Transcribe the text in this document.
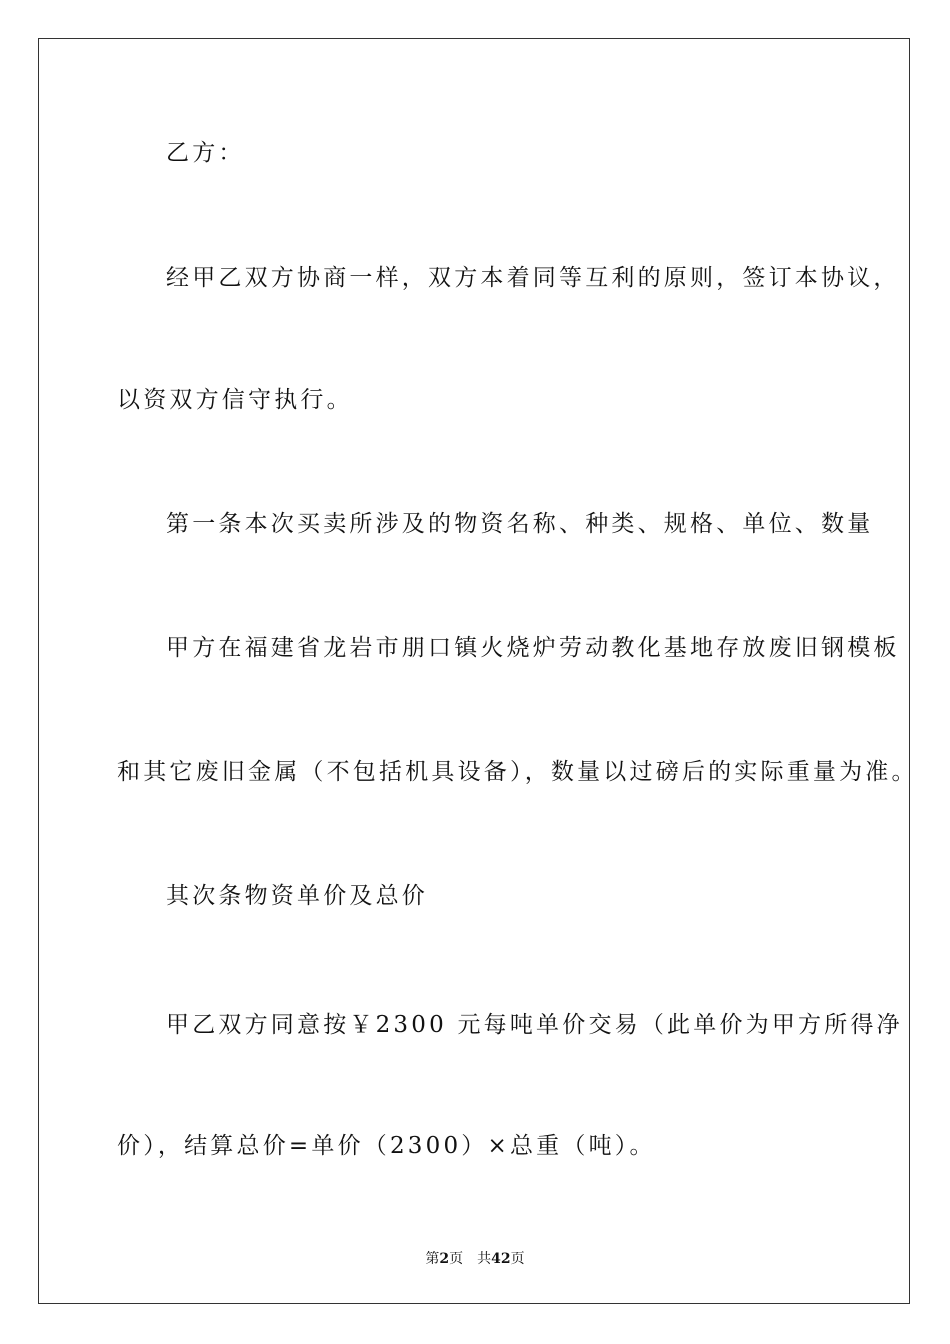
乙方：
经甲乙双方协商一样，双方本着同等互利的原则，签订本协议，
以资双方信守执行。
第一条本次买卖所涉及的物资名称、种类、规格、单位、数量
甲方在福建省龙岩市朋口镇火烧炉劳动教化基地存放废旧钢模板
和其它废旧金属（不包括机具设备），数量以过磅后的实际重量为准。
其次条物资单价及总价
甲乙双方同意按￥2300 元每吨单价交易（此单价为甲方所得净
价），结算总价=单价（2300）×总重（吨）。
第2页 共42页
